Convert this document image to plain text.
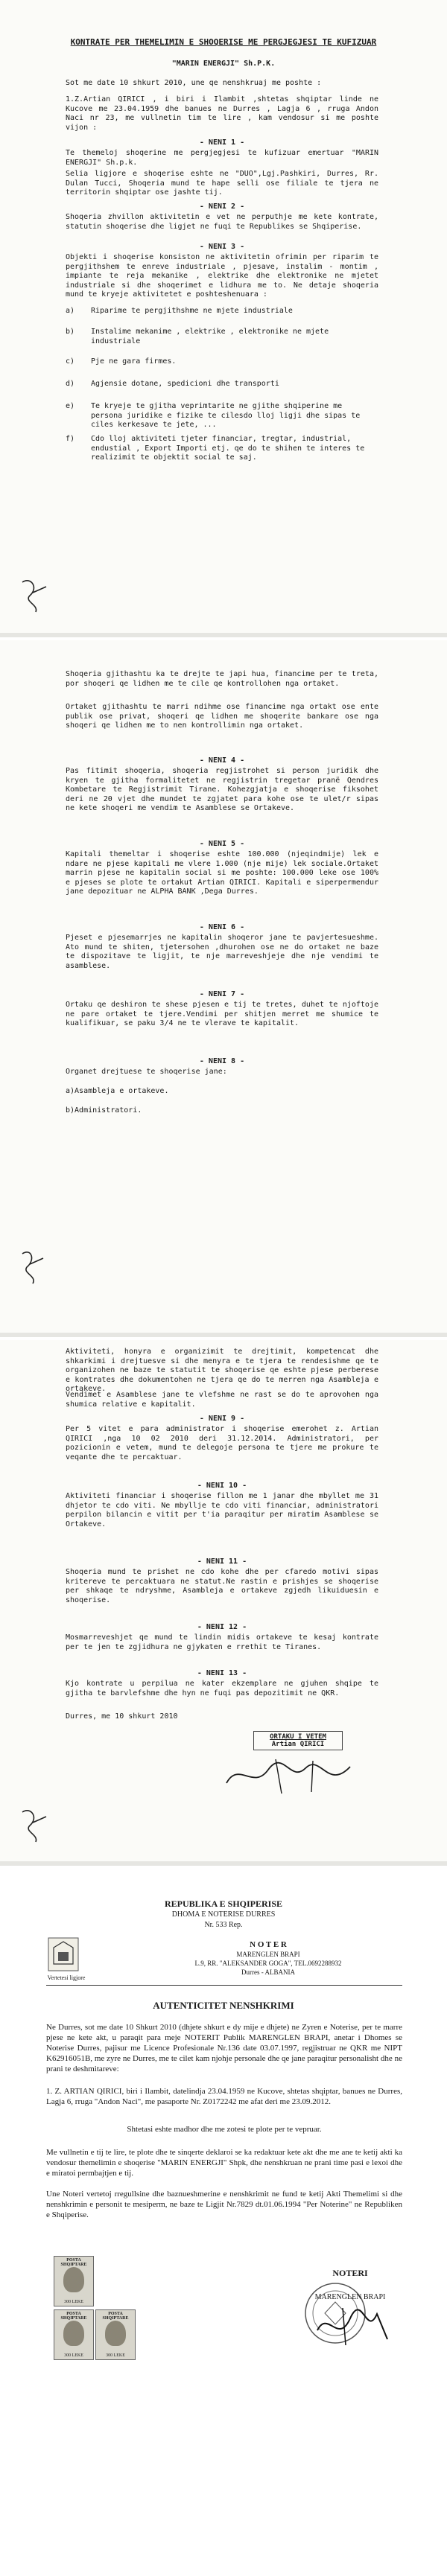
KONTRATE PER THEMELIMIN E SHOQERISE ME PERGJEGJESI TE KUFIZUAR
"MARIN ENERGJI" Sh.P.K.
Sot me date 10 shkurt 2010, une qe nenshkruaj me poshte :
1.Z.Artian QIRICI , i biri i Ilambit ,shtetas shqiptar linde ne Kucove me 23.04.1959 dhe banues ne Durres , Lagja 6 , rruga Andon Naci nr 23, me vullnetin tim te lire , kam vendosur si me poshte vijon :
- NENI 1 -
Te themeloj shoqerine me pergjegjesi te kufizuar emertuar "MARIN ENERGJI" Sh.p.k.
Selia ligjore e shoqerise eshte ne "DUO",Lgj.Pashkiri, Durres, Rr. Dulan Tucci, Shoqeria mund te hape selli ose filiale te tjera ne territorin shqiptar ose jashte tij.
- NENI 2 -
Shoqeria zhvillon aktivitetin e vet ne perputhje me kete kontrate, statutin shoqerise dhe ligjet ne fuqi te Republikes se Shqiperise.
- NENI 3 -
Objekti i shoqerise konsiston ne aktivitetin ofrimin per riparim te pergjithshem te enreve industriale , pjesave, instalim - montim , impiante te reja mekanike , elektrike dhe elektronike ne mjetet industriale si dhe shoqerimet e lidhura me to. Ne detaje shoqeria mund te kryeje aktivitetet e poshteshenuara :
a) Riparime te pergjithshme ne mjete industriale
b) Instalime mekanime , elektrike , elektronike ne mjete industriale
c) Pje ne gara firmes.
d) Agjensie dotane, spedicioni dhe transporti
e) Te kryeje te gjitha veprimtarite ne gjithe shqiperine me persona juridike e fizike te cilesdo lloj ligji dhe sipas te ciles kerkesave te jete, ...
f) Cdo lloj aktiviteti tjeter financiar, tregtar, industrial, endustial , Export Importi etj. qe do te shihen te interes te realizimit te objektit social te saj.
Shoqeria gjithashtu ka te drejte te japi hua, financime per te treta, por shoqeri qe lidhen me te cile qe kontrollohen nga ortaket.
Ortaket gjithashtu te marri ndihme ose financime nga ortakt ose ente publik ose privat, shoqeri qe lidhen me shoqerite bankare ose nga shoqeri qe lidhen me to nen kontrollimin nga ortaket.
- NENI 4 -
Pas fitimit shoqeria, shoqeria regjistrohet si person juridik dhe kryen te gjitha formalitetet ne regjistrin tregetar pranë Qendres Kombetare te Regjistrimit Tirane. Kohezgjatja e shoqerise fiksohet deri ne 20 vjet dhe mundet te zgjatet para kohe ose te ulet/r sipas ne kete shoqeri me vendim te Asamblese se Ortakeve.
- NENI 5 -
Kapitali themeltar i shoqerise eshte 100.000 (njeqindmije) lek e ndare ne pjese kapitali me vlere 1.000 (nje mije) lek sociale.Ortaket marrin pjese ne kapitalin social si me poshte: 100.000 leke ose 100% e pjeses se plote te ortakut Artian QIRICI. Kapitali e siperpermendur jane depozituar ne ALPHA BANK ,Dega Durres.
- NENI 6 -
Pjeset e pjesemarrjes ne kapitalin shoqeror jane te pavjertesueshme. Ato mund te shiten, tjetersohen ,dhurohen ose ne do ortaket ne baze te dispozitave te ligjit, te nje marreveshjeje dhe nje vendimi te asamblese.
- NENI 7 -
Ortaku qe deshiron te shese pjesen e tij te tretes, duhet te njoftoje ne pare ortaket te tjere.Vendimi per shitjen merret me shumice te kualifikuar, se paku 3/4 ne te vlerave te kapitalit.
- NENI 8 -
Organet drejtuese te shoqerise jane:
a)Asambleja e ortakeve.
b)Administratori.
Aktiviteti, honyra e organizimit te drejtimit, kompetencat dhe shkarkimi i drejtuesve si dhe menyra e te tjera te rendesishme qe te organizohen ne baze te statutit te shoqerise qe eshte pjese perberese e kontrates dhe dokumentohen ne tjera qe do te merren nga Asambleja e ortakeve.
Vendimet e Asamblese jane te vlefshme ne rast se do te aprovohen nga shumica relative e kapitalit.
- NENI 9 -
Per 5 vitet e para administrator i shoqerise emerohet z. Artian QIRICI ,nga 10 02 2010 deri 31.12.2014. Administratori, per pozicionin e vetem, mund te delegoje persona te tjere me prokure te veqante dhe te percaktuar.
- NENI 10 -
Aktiviteti financiar i shoqerise fillon me 1 janar dhe mbyllet me 31 dhjetor te cdo viti. Ne mbyllje te cdo viti financiar, administratori perpilon bilancin e vitit per t'ia paraqitur per miratim Asamblese se Ortakeve.
- NENI 11 -
Shoqeria mund te prishet ne cdo kohe dhe per cfaredo motivi sipas kritereve te percaktuara ne statut.Ne rastin e prishjes se shoqerise per shkaqe te ndryshme, Asambleja e ortakeve zgjedh likuiduesin e shoqerise.
- NENI 12 -
Mosmarreveshjet qe mund te lindin midis ortakeve te kesaj kontrate per te jen te zgjidhura ne gjykaten e rrethit te Tiranes.
- NENI 13 -
Kjo kontrate u perpilua ne kater ekzemplare ne gjuhen shqipe te gjitha te barvlefshme dhe hyn ne fuqi pas depozitimit ne QKR.
Durres, me 10 shkurt 2010
ORTAKU I VETEM
Artian QIRICI
REPUBLIKA E SHQIPERISE
DHOMA E NOTERISE DURRES
Nr. 533 Rep.
Vertetesi ligjore
N O T E R
MARENGLEN BRAPI
L.9, RR. "ALEKSANDER GOGA", TEL.0692288932
Durres - ALBANIA
AUTENTICITET NENSHKRIMI
Ne Durres, sot me date 10 Shkurt 2010 (dhjete shkurt e dy mije e dhjete) ne Zyren e Noterise, per te marre pjese ne kete akt, u paraqit para meje NOTERIT Publik MARENGLEN BRAPI, anetar i Dhomes se Noterise Durres, pajisur me Licence Profesionale Nr.136 date 03.07.1997, regjistruar ne QKR me NIPT K62916051B, me zyre ne Durres, me te cilet kam njohje personale dhe qe jane paraqitur personalisht dhe ne prani te deshmitareve:
1. Z. ARTIAN QIRICI, biri i Ilambit, datelindja 23.04.1959 ne Kucove, shtetas shqiptar, banues ne Durres, Lagja 6, rruga "Andon Naci", me pasaporte Nr. Z0172242 me afat deri me 23.09.2012.
Shtetasi eshte madhor dhe me zotesi te plote per te vepruar.
Me vullnetin e tij te lire, te plote dhe te sinqerte deklaroi se ka redaktuar kete akt dhe me ane te ketij akti ka vendosur themelimin e shoqerise "MARIN ENERGJI" Shpk, dhe nenshkruan ne prani time pasi e lexoi dhe e miratoi permbajtjen e tij.
Une Noteri vertetoj rregullsine dhe baznueshmerine e nenshkrimit ne fund te ketij Akti Themelimi si dhe nenshkrimin e personit te mesiperm, ne baze te Ligjit Nr.7829 dt.01.06.1994 "Per Noterine" ne Republiken e Shqiperise.
POSTA SHQIPTARE
300 LEKE
POSTA SHQIPTARE
300 LEKE
POSTA SHQIPTARE
300 LEKE
NOTERI
MARENGLEN BRAPI
